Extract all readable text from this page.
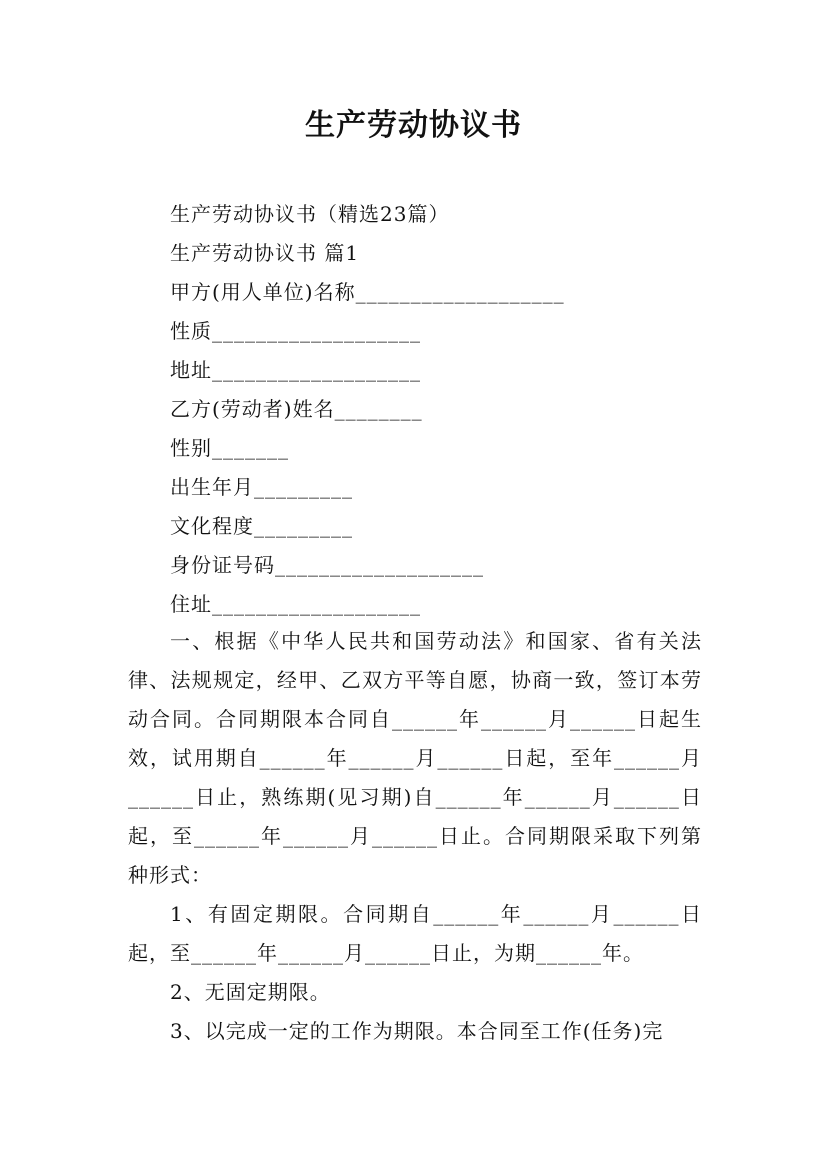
生产劳动协议书
生产劳动协议书（精选23篇）
生产劳动协议书 篇1
甲方(用人单位)名称___________________
性质___________________
地址___________________
乙方(劳动者)姓名________
性别_______
出生年月_________
文化程度_________
身份证号码___________________
住址___________________
一、根据《中华人民共和国劳动法》和国家、省有关法律、法规规定，经甲、乙双方平等自愿，协商一致，签订本劳动合同。合同期限本合同自______年______月______日起生效，试用期自______年______月______日起，至年______月______日止，熟练期(见习期)自______年______月______日起，至______年______月______日止。合同期限采取下列第种形式：
1、有固定期限。合同期自______年______月______日起，至______年______月______日止，为期______年。
2、无固定期限。
3、以完成一定的工作为期限。本合同至工作(任务)完
